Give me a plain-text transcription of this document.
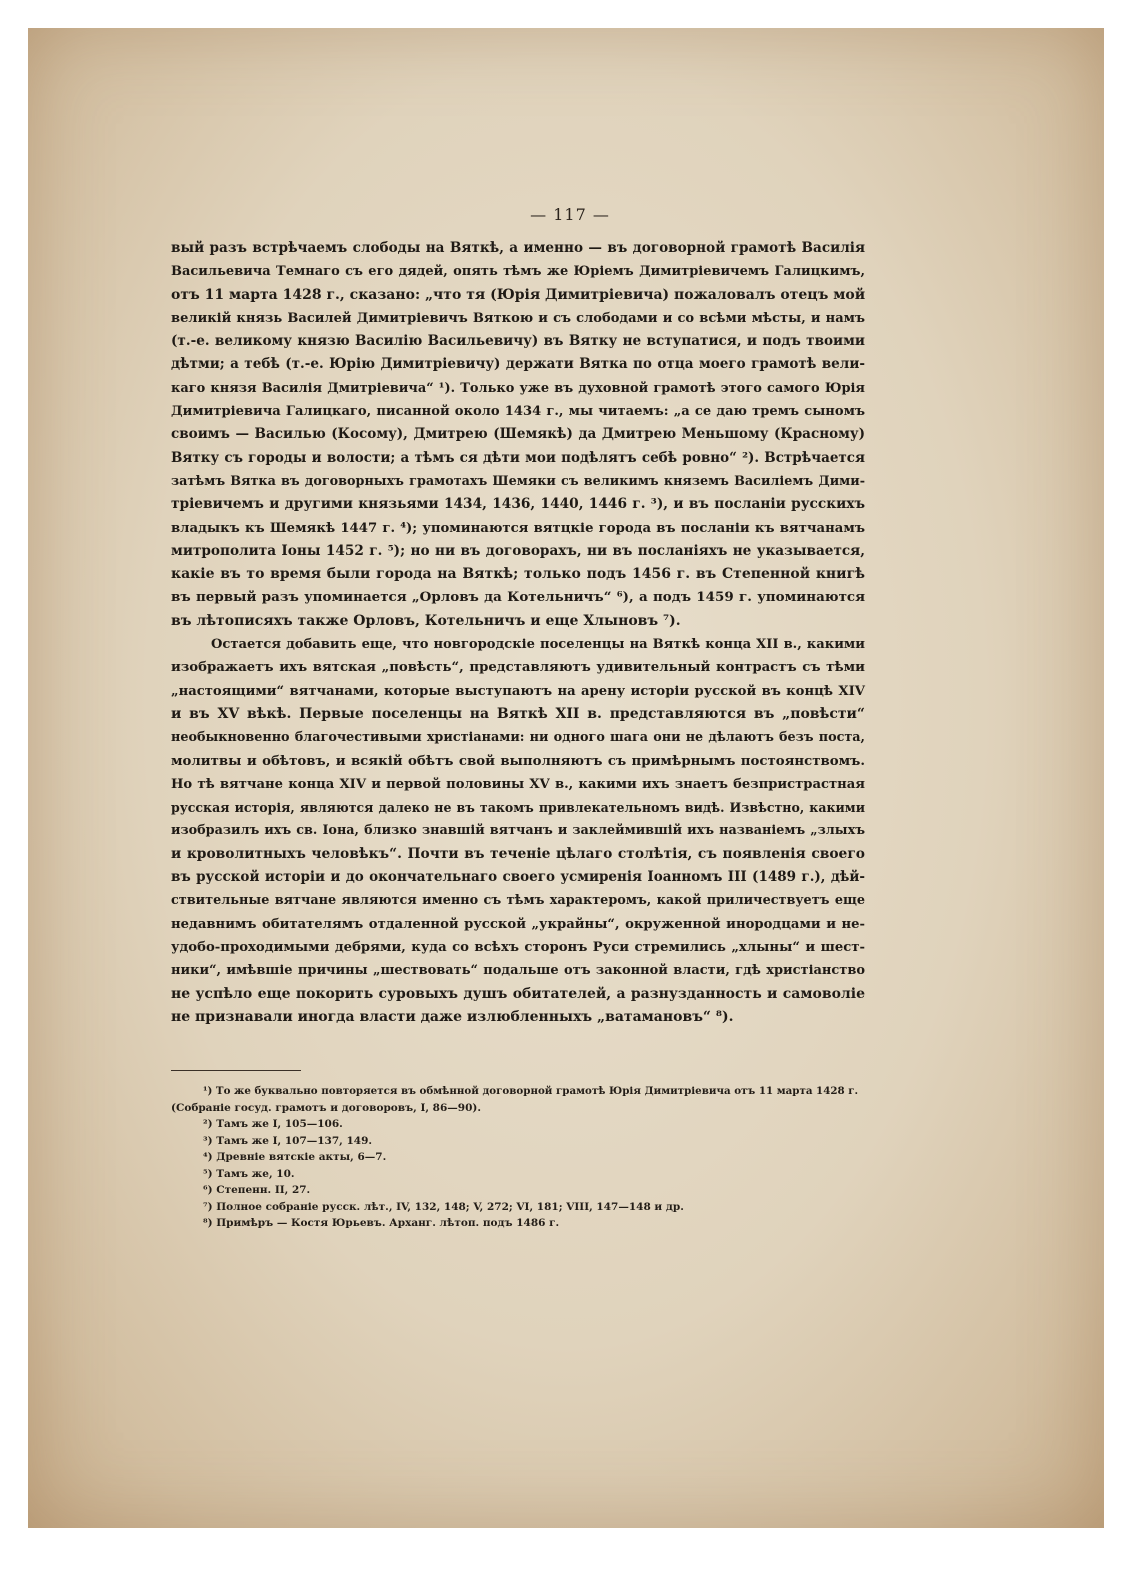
— 117 —
вый разъ встрѣчаемъ слободы на Вяткѣ, а именно — въ договорной грамотѣ Василія
Васильевича Темнаго съ его дядей, опять тѣмъ же Юріемъ Димитріевичемъ Галицкимъ,
отъ 11 марта 1428 г., сказано: „что тя (Юрія Димитріевича) пожаловалъ отецъ мой
великій князь Василей Димитріевичъ Вяткою и съ слободами и со всѣми мѣсты, и намъ
(т.-е. великому князю Василію Васильевичу) въ Вятку не вступатися, и подъ твоими
дѣтми; а тебѣ (т.-е. Юрію Димитріевичу) держати Вятка по отца моего грамотѣ вели-
каго князя Василія Дмитріевича“ ¹). Только уже въ духовной грамотѣ этого самого Юрія
Димитріевича Галицкаго, писанной около 1434 г., мы читаемъ: „а се даю тремъ сыномъ
своимъ — Василью (Косому), Дмитрею (Шемякѣ) да Дмитрею Меньшому (Красному)
Вятку съ городы и волости; а тѣмъ ся дѣти мои подѣлятъ себѣ ровно“ ²). Встрѣчается
затѣмъ Вятка въ договорныхъ грамотахъ Шемяки съ великимъ княземъ Василіемъ Дими-
тріевичемъ и другими князьями 1434, 1436, 1440, 1446 г. ³), и въ посланіи русскихъ
владыкъ къ Шемякѣ 1447 г. ⁴); упоминаются вятцкіе города въ посланіи къ вятчанамъ
митрополита Іоны 1452 г. ⁵); но ни въ договорахъ, ни въ посланіяхъ не указывается,
какіе въ то время были города на Вяткѣ; только подъ 1456 г. въ Степенной книгѣ
въ первый разъ упоминается „Орловъ да Котельничъ“ ⁶), а подъ 1459 г. упоминаются
въ лѣтописяхъ также Орловъ, Котельничъ и еще Хлыновъ ⁷).
Остается добавить еще, что новгородскіе поселенцы на Вяткѣ конца XII в., какими
изображаетъ ихъ вятская „повѣсть“, представляютъ удивительный контрастъ съ тѣми
„настоящими“ вятчанами, которые выступаютъ на арену исторіи русской въ концѣ XIV
и въ XV вѣкѣ. Первые поселенцы на Вяткѣ XII в. представляются въ „повѣсти“
необыкновенно благочестивыми христіанами: ни одного шага они не дѣлаютъ безъ поста,
молитвы и обѣтовъ, и всякій обѣтъ свой выполняютъ съ примѣрнымъ постоянствомъ.
Но тѣ вятчане конца XIV и первой половины XV в., какими ихъ знаетъ безпристрастная
русская исторія, являются далеко не въ такомъ привлекательномъ видѣ. Извѣстно, какими
изобразилъ ихъ св. Іона, близко знавшій вятчанъ и заклеймившій ихъ названіемъ „злыхъ
и кроволитныхъ человѣкъ“. Почти въ теченіе цѣлаго столѣтія, съ появленія своего
въ русской исторіи и до окончательнаго своего усмиренія Іоанномъ III (1489 г.), дѣй-
ствительные вятчане являются именно съ тѣмъ характеромъ, какой приличествуетъ еще
недавнимъ обитателямъ отдаленной русской „украйны“, окруженной инородцами и не-
удобо-проходимыми дебрями, куда со всѣхъ сторонъ Руси стремились „хлыны“ и шест-
ники“, имѣвшіе причины „шествовать“ подальше отъ законной власти, гдѣ христіанство
не успѣло еще покорить суровыхъ душъ обитателей, а разнузданность и самоволіе
не признавали иногда власти даже излюбленныхъ „ватамановъ“ ⁸).
¹) То же буквально повторяется въ обмѣнной договорной грамотѣ Юрія Димитріевича отъ 11 марта 1428 г.
(Собраніе госуд. грамотъ и договоровъ, I, 86—90).
²) Тамъ же I, 105—106.
³) Тамъ же I, 107—137, 149.
⁴) Древніе вятскіе акты, 6—7.
⁵) Тамъ же, 10.
⁶) Степенн. II, 27.
⁷) Полное собраніе русск. лѣт., IV, 132, 148; V, 272; VI, 181; VIII, 147—148 и др.
⁸) Примѣръ — Костя Юрьевъ. Арханг. лѣтоп. подъ 1486 г.
